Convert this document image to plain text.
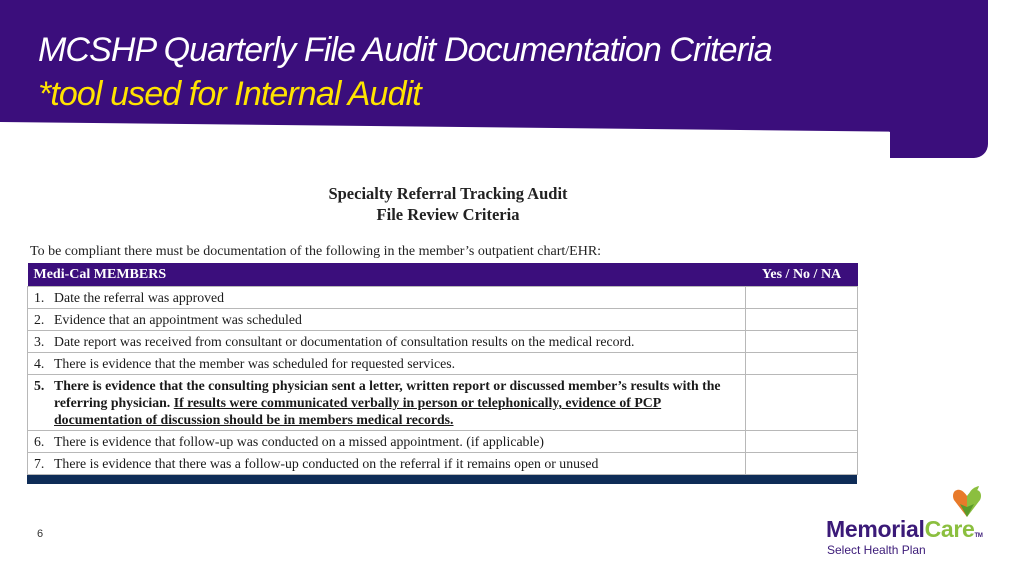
MCSHP Quarterly File Audit Documentation Criteria
*tool used for Internal Audit
Specialty Referral Tracking Audit
File Review Criteria
To be compliant there must be documentation of the following in the member’s outpatient chart/EHR:
Medi-Cal MEMBERS	Yes / No / NA

1. Date the referral was approved	

2. Evidence that an appointment was scheduled	

3. Date report was received from consultant or documentation of consultation results on the medical record.	

4. There is evidence that the member was scheduled for requested services.	

5. There is evidence that the consulting physician sent a letter, written report or discussed member’s results with the referring physician. If results were communicated verbally in person or telephonically, evidence of PCP documentation of discussion should be in members medical records.	

6. There is evidence that follow-up was conducted on a missed appointment. (if applicable)	

7. There is evidence that there was a follow-up conducted on the referral if it remains open or unused	

6	MemorialCareTM
Select Health Plan
